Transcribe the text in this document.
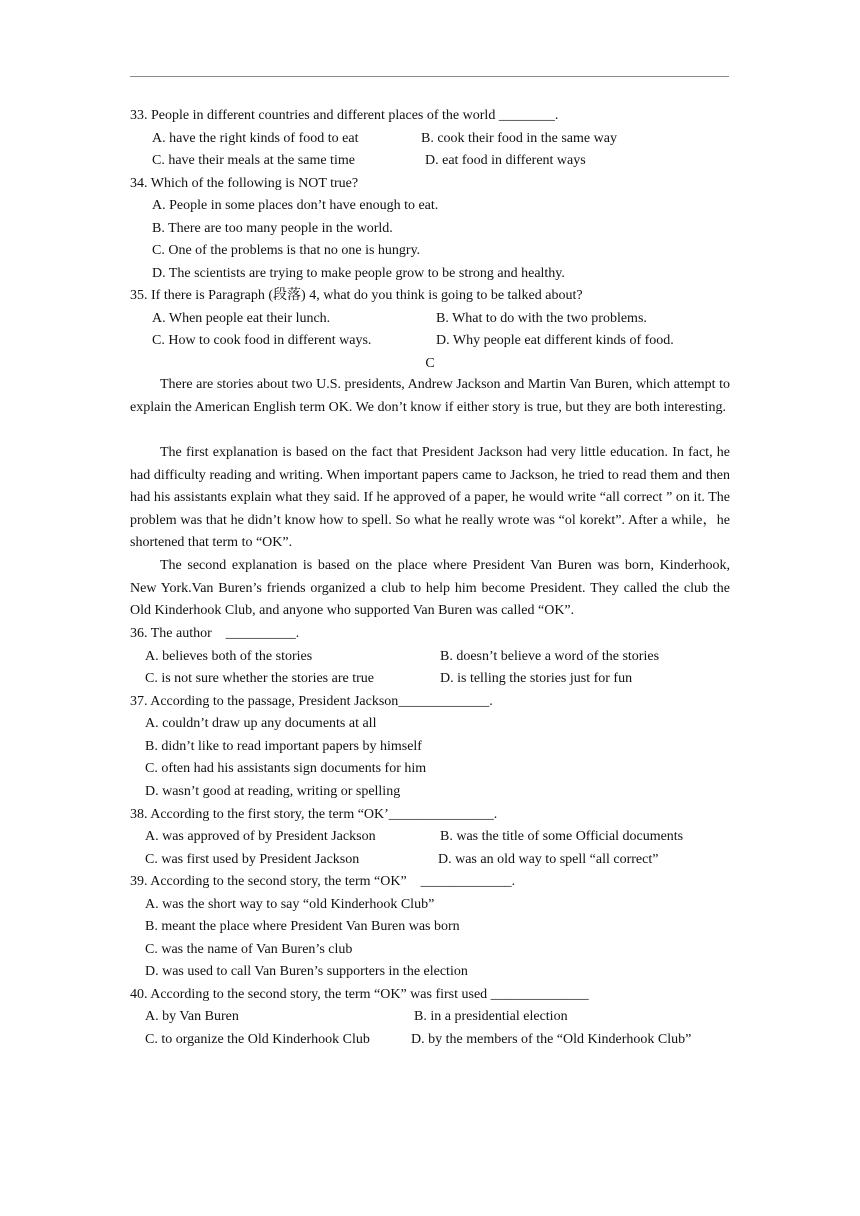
33. People in different countries and different places of the world ________.
A. have the right kinds of food to eat	B. cook their food in the same way
C. have their meals at the same time	D. eat food in different ways
34. Which of the following is NOT true?
A. People in some places don’t have enough to eat.
B. There are too many people in the world.
C. One of the problems is that no one is hungry.
D. The scientists are trying to make people grow to be strong and healthy.
35. If there is Paragraph (段落) 4, what do you think is going to be talked about?
A. When people eat their lunch.	B. What to do with the two problems.
C. How to cook food in different ways.	D. Why people eat different kinds of food.
C
There are stories about two U.S. presidents, Andrew Jackson and Martin Van Buren, which attempt to explain the American English term OK. We don’t know if either story is true, but they are both interesting.
The first explanation is based on the fact that President Jackson had very little education. In fact, he had difficulty reading and writing. When important papers came to Jackson, he tried to read them and then had his assistants explain what they said. If he approved of a paper, he would write “all correct ” on it. The problem was that he didn’t know how to spell. So what he really wrote was “ol korekt”. After a while，he shortened that term to “OK”.
The second explanation is based on the place where President Van Buren was born, Kinderhook, New York.Van Buren’s friends organized a club to help him become President. They called the club the Old Kinderhook Club, and anyone who supported Van Buren was called “OK”.
36. The author    __________.
A. believes both of the stories	B. doesn’t believe a word of the stories
C. is not sure whether the stories are true	D. is telling the stories just for fun
37. According to the passage, President Jackson_____________.
A. couldn’t draw up any documents at all
B. didn’t like to read important papers by himself
C. often had his assistants sign documents for him
D. wasn’t good at reading, writing or spelling
38. According to the first story, the term “OK’_______________.
A. was approved of by President Jackson	B. was the title of some Official documents
C. was first used by President Jackson	D. was an old way to spell “all correct”
39. According to the second story, the term “OK”    _____________.
A. was the short way to say “old Kinderhook Club”
B. meant the place where President Van Buren was born
C. was the name of Van Buren’s club
D. was used to call Van Buren’s supporters in the election
40. According to the second story, the term “OK” was first used ______________
A. by Van Buren	B. in a presidential election
C. to organize the Old Kinderhook Club	D. by the members of the “Old Kinderhook Club”
